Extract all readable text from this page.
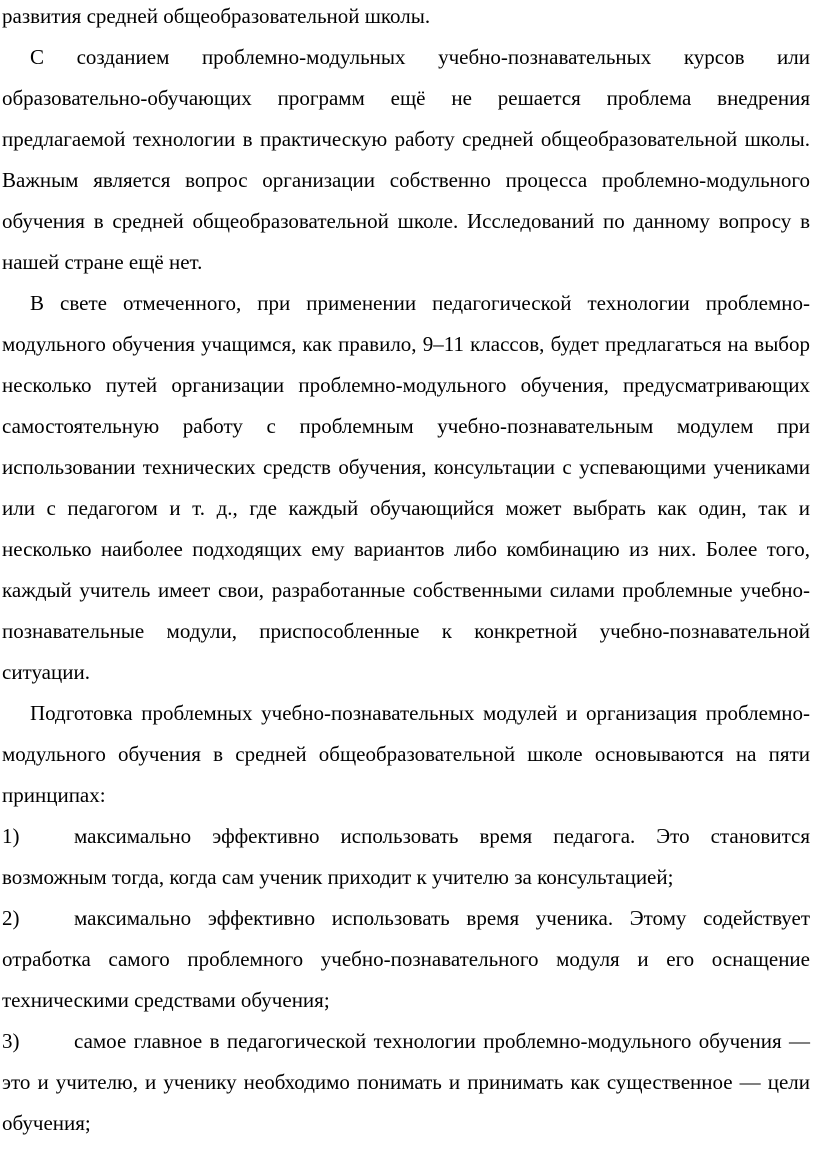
развития средней общеобразовательной школы.

С созданием проблемно-модульных учебно-познавательных курсов или образовательно-обучающих программ ещё не решается проблема внедрения предлагаемой технологии в практическую работу средней общеобразовательной школы. Важным является вопрос организации собственно процесса проблемно-модульного обучения в средней общеобразовательной школе. Исследований по данному вопросу в нашей стране ещё нет.

В свете отмеченного, при применении педагогической технологии проблемно-модульного обучения учащимся, как правило, 9–11 классов, будет предлагаться на выбор несколько путей организации проблемно-модульного обучения, предусматривающих самостоятельную работу с проблемным учебно-познавательным модулем при использовании технических средств обучения, консультации с успевающими учениками или с педагогом и т. д., где каждый обучающийся может выбрать как один, так и несколько наиболее подходящих ему вариантов либо комбинацию из них. Более того, каждый учитель имеет свои, разработанные собственными силами проблемные учебно-познавательные модули, приспособленные к конкретной учебно-познавательной ситуации.

Подготовка проблемных учебно-познавательных модулей и организация проблемно-модульного обучения в средней общеобразовательной школе основываются на пяти принципах:

1)	максимально эффективно использовать время педагога. Это становится возможным тогда, когда сам ученик приходит к учителю за консультацией;

2)	максимально эффективно использовать время ученика. Этому содействует отработка самого проблемного учебно-познавательного модуля и его оснащение техническими средствами обучения;

3)	самое главное в педагогической технологии проблемно-модульного обучения — это и учителю, и ученику необходимо понимать и принимать как существенное — цели обучения;
